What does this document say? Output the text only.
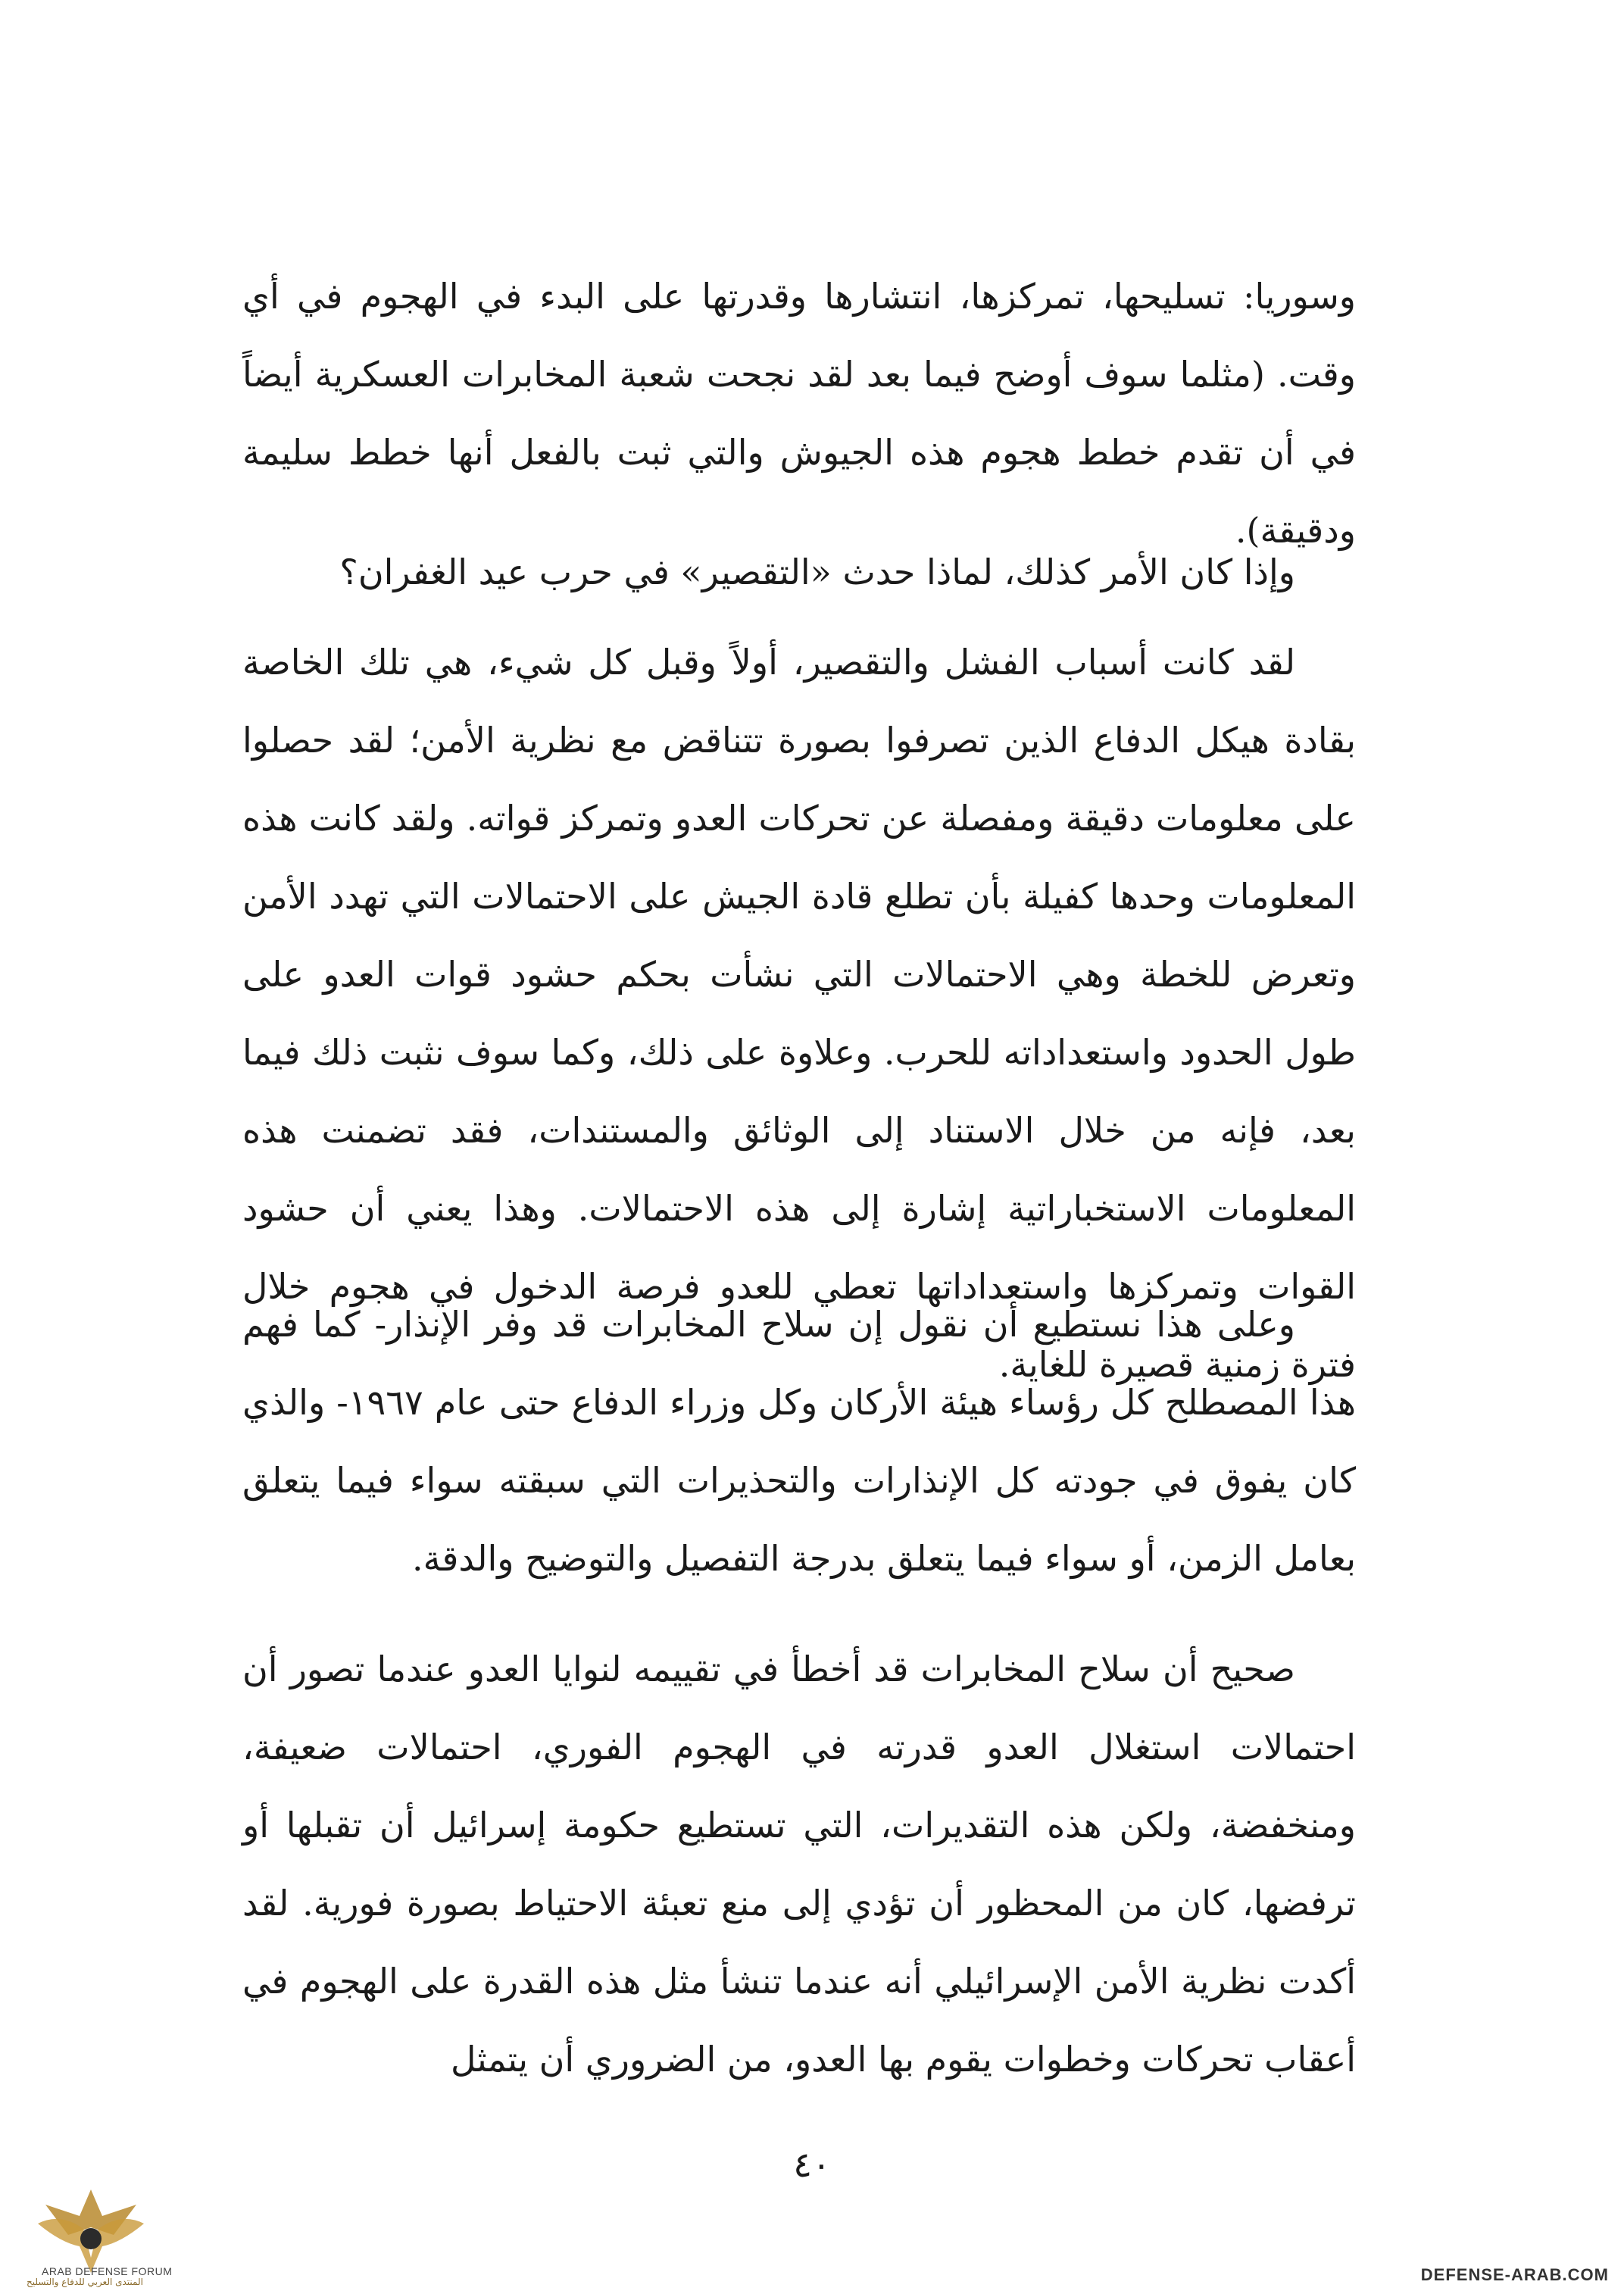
وسوريا: تسليحها، تمركزها، انتشارها وقدرتها على البدء في الهجوم في أي وقت. (مثلما سوف أوضح فيما بعد لقد نجحت شعبة المخابرات العسكرية أيضاً في أن تقدم خطط هجوم هذه الجيوش والتي ثبت بالفعل أنها خطط سليمة ودقيقة).

وإذا كان الأمر كذلك، لماذا حدث «التقصير» في حرب عيد الغفران؟

لقد كانت أسباب الفشل والتقصير، أولاً وقبل كل شيء، هي تلك الخاصة بقادة هيكل الدفاع الذين تصرفوا بصورة تتناقض مع نظرية الأمن؛ لقد حصلوا على معلومات دقيقة ومفصلة عن تحركات العدو وتمركز قواته. ولقد كانت هذه المعلومات وحدها كفيلة بأن تطلع قادة الجيش على الاحتمالات التي تهدد الأمن وتعرض للخطة وهي الاحتمالات التي نشأت بحكم حشود قوات العدو على طول الحدود واستعداداته للحرب. وعلاوة على ذلك، وكما سوف نثبت ذلك فيما بعد، فإنه من خلال الاستناد إلى الوثائق والمستندات، فقد تضمنت هذه المعلومات الاستخباراتية إشارة إلى هذه الاحتمالات. وهذا يعني أن حشود القوات وتمركزها واستعداداتها تعطي للعدو فرصة الدخول في هجوم خلال فترة زمنية قصيرة للغاية.

وعلى هذا نستطيع أن نقول إن سلاح المخابرات قد وفر الإنذار- كما فهم هذا المصطلح كل رؤساء هيئة الأركان وكل وزراء الدفاع حتى عام ١٩٦٧- والذي كان يفوق في جودته كل الإنذارات والتحذيرات التي سبقته سواء فيما يتعلق بعامل الزمن، أو سواء فيما يتعلق بدرجة التفصيل والتوضيح والدقة.

صحيح أن سلاح المخابرات قد أخطأ في تقييمه لنوايا العدو عندما تصور أن احتمالات استغلال العدو قدرته في الهجوم الفوري، احتمالات ضعيفة، ومنخفضة، ولكن هذه التقديرات، التي تستطيع حكومة إسرائيل أن تقبلها أو ترفضها، كان من المحظور أن تؤدي إلى منع تعبئة الاحتياط بصورة فورية. لقد أكدت نظرية الأمن الإسرائيلي أنه عندما تنشأ مثل هذه القدرة على الهجوم في أعقاب تحركات وخطوات يقوم بها العدو، من الضروري أن يتمثل

٤٠
ARAB DEFENSE FORUM
المنتدى العربي للدفاع والتسليح	DEFENSE-ARAB.COM
